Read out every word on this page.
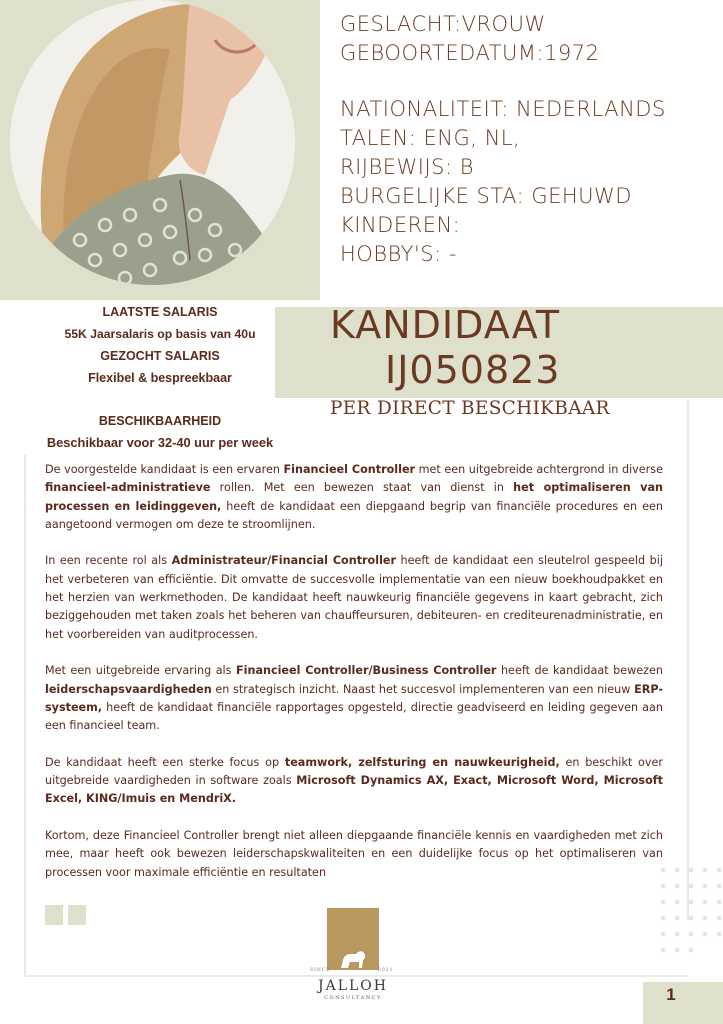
GESLACHT:VROUW
GEBOORTEDATUM:1972
NATIONALITEIT: NEDERLANDS
TALEN: ENG, NL,
RIJBEWIJS: B
BURGELIJKE STA: GEHUWD
KINDEREN:
HOBBY'S: -
KANDIDAAT
IJ050823
PER DIRECT BESCHIKBAAR
LAATSTE SALARIS
55K Jaarsalaris op basis van 40u
GEZOCHT SALARIS
Flexibel & bespreekbaar
BESCHIKBAARHEID
Beschikbaar voor 32-40 uur per week

De voorgestelde kandidaat is een ervaren Financieel Controller met een uitgebreide achtergrond in diverse financieel-administratieve rollen. Met een bewezen staat van dienst in het optimaliseren van processen en leidinggeven, heeft de kandidaat een diepgaand begrip van financiële procedures en een aangetoond vermogen om deze te stroomlijnen.

In een recente rol als Administrateur/Financial Controller heeft de kandidaat een sleutelrol gespeeld bij het verbeteren van efficiëntie. Dit omvatte de succesvolle implementatie van een nieuw boekhoudpakket en het herzien van werkmethoden. De kandidaat heeft nauwkeurig financiële gegevens in kaart gebracht, zich beziggehouden met taken zoals het beheren van chauffeursuren, debiteuren- en crediteurenadministratie, en het voorbereiden van auditprocessen.

Met een uitgebreide ervaring als Financieel Controller/Business Controller heeft de kandidaat bewezen leiderschapsvaardigheden en strategisch inzicht. Naast het succesvol implementeren van een nieuw ERP-systeem, heeft de kandidaat financiële rapportages opgesteld, directie geadviseerd en leiding gegeven aan een financieel team.

De kandidaat heeft een sterke focus op teamwork, zelfsturing en nauwkeurigheid, en beschikt over uitgebreide vaardigheden in software zoals Microsoft Dynamics AX, Exact, Microsoft Word, Microsoft Excel, KING/Imuis en MendriX.

Kortom, deze Financieel Controller brengt niet alleen diepgaande financiële kennis en vaardigheden met zich mee, maar heeft ook bewezen leiderschapskwaliteiten en een duidelijke focus op het optimaliseren van processen voor maximale efficiëntie en resultaten

SINCE	2021
JALLOH
CONSULTANCY	1
